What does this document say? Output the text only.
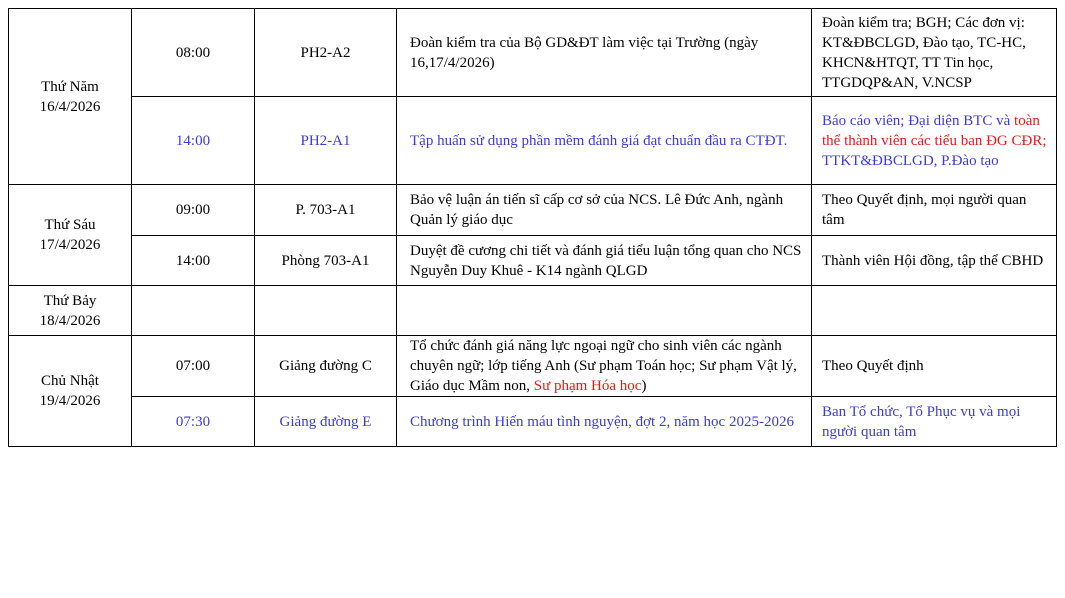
Thứ Năm
16/4/2026	08:00	PH2-A2	Đoàn kiểm tra của Bộ GD&ĐT làm việc tại Trường (ngày 16,17/4/2026)	Đoàn kiểm tra; BGH; Các đơn vị: KT&ĐBCLGD, Đào tạo, TC-HC, KHCN&HTQT, TT Tin học, TTGDQP&AN, V.NCSP
	14:00	PH2-A1	Tập huấn sử dụng phần mềm đánh giá đạt chuẩn đầu ra CTĐT.	Báo cáo viên; Đại diện BTC và toàn thể thành viên các tiểu ban ĐG CĐR; TTKT&ĐBCLGD, P.Đào tạo

Thứ Sáu
17/4/2026	09:00	P. 703-A1	Bảo vệ luận án tiến sĩ cấp cơ sở của NCS. Lê Đức Anh, ngành Quản lý giáo dục	Theo Quyết định, mọi người quan tâm
	14:00	Phòng 703-A1	Duyệt đề cương chi tiết và đánh giá tiểu luận tổng quan cho NCS Nguyễn Duy Khuê - K14 ngành QLGD	Thành viên Hội đồng, tập thể CBHD

Thứ Bảy
18/4/2026				

Chủ Nhật
19/4/2026	07:00	Giảng đường C	Tổ chức đánh giá năng lực ngoại ngữ cho sinh viên các ngành chuyên ngữ; lớp tiếng Anh (Sư phạm Toán học; Sư phạm Vật lý, Giáo dục Mầm non, Sư phạm Hóa học)	Theo Quyết định
	07:30	Giảng đường E	Chương trình Hiến máu tình nguyện, đợt 2, năm học 2025-2026	Ban Tổ chức, Tổ Phục vụ và mọi người quan tâm
